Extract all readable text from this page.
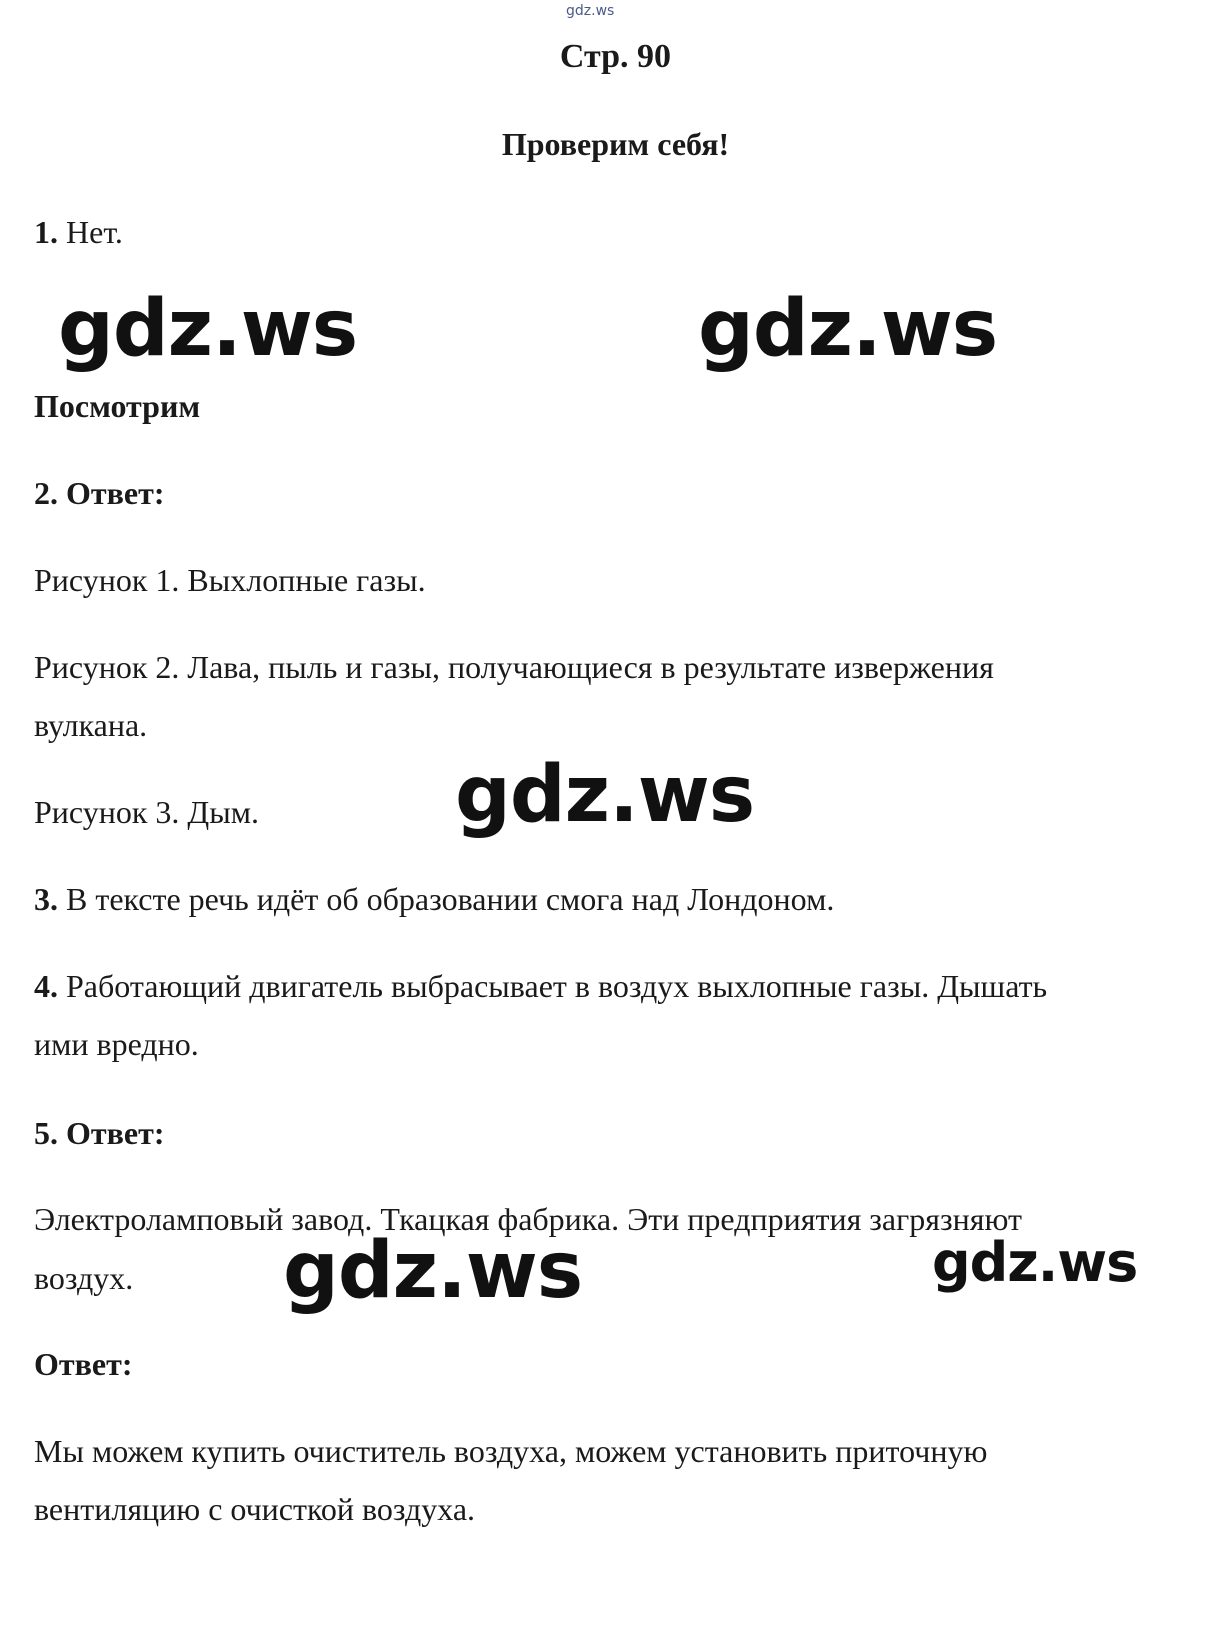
gdz.ws
Стр. 90
Проверим себя!
1. Нет.
gdz.ws	gdz.ws
Посмотрим
2. Ответ:
Рисунок 1. Выхлопные газы.
Рисунок 2. Лава, пыль и газы, получающиеся в результате извержения
вулкана.
Рисунок 3. Дым.	gdz.ws
3. В тексте речь идёт об образовании смога над Лондоном.
4. Работающий двигатель выбрасывает в воздух выхлопные газы. Дышать
ими вредно.
5. Ответ:
Электроламповый завод. Ткацкая фабрика. Эти предприятия загрязняют
воздух. gdz.ws	gdz.ws
Ответ:
Мы можем купить очиститель воздуха, можем установить приточную
вентиляцию с очисткой воздуха.
